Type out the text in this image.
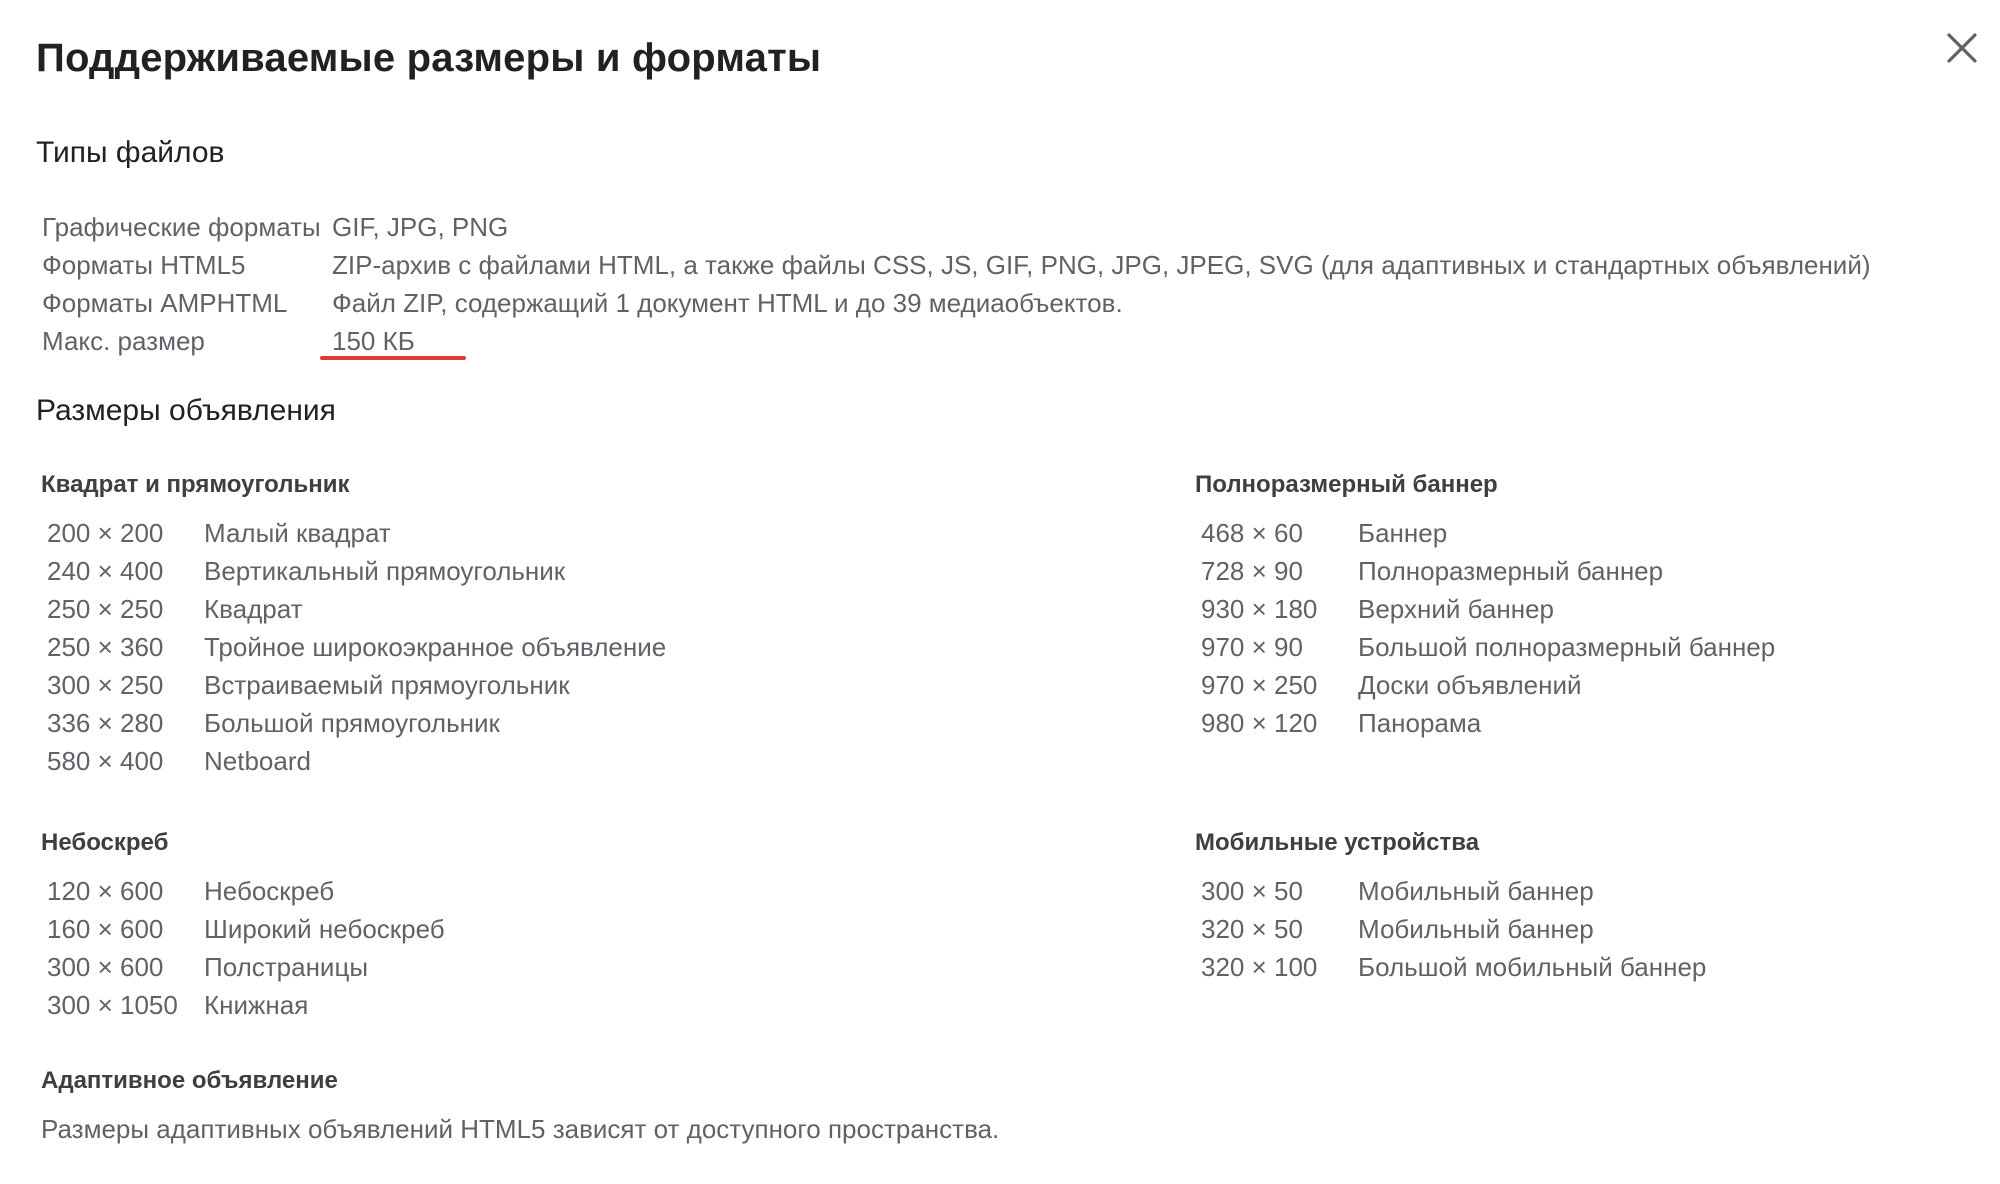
Поддерживаемые размеры и форматы
Типы файлов
Графические форматы	GIF, JPG, PNG
Форматы HTML5	ZIP-архив с файлами HTML, а также файлы CSS, JS, GIF, PNG, JPG, JPEG, SVG (для адаптивных и стандартных объявлений)
Форматы AMPHTML	Файл ZIP, содержащий 1 документ HTML и до 39 медиаобъектов.
Макс. размер	150 КБ
Размеры объявления
Квадрат и прямоугольник
200 × 200	Малый квадрат
240 × 400	Вертикальный прямоугольник
250 × 250	Квадрат
250 × 360	Тройное широкоэкранное объявление
300 × 250	Встраиваемый прямоугольник
336 × 280	Большой прямоугольник
580 × 400	Netboard
Полноразмерный баннер
468 × 60	Баннер
728 × 90	Полноразмерный баннер
930 × 180	Верхний баннер
970 × 90	Большой полноразмерный баннер
970 × 250	Доски объявлений
980 × 120	Панорама
Небоскреб
120 × 600	Небоскреб
160 × 600	Широкий небоскреб
300 × 600	Полстраницы
300 × 1050	Книжная
Мобильные устройства
300 × 50	Мобильный баннер
320 × 50	Мобильный баннер
320 × 100	Большой мобильный баннер
Адаптивное объявление

Размеры адаптивных объявлений HTML5 зависят от доступного пространства.
